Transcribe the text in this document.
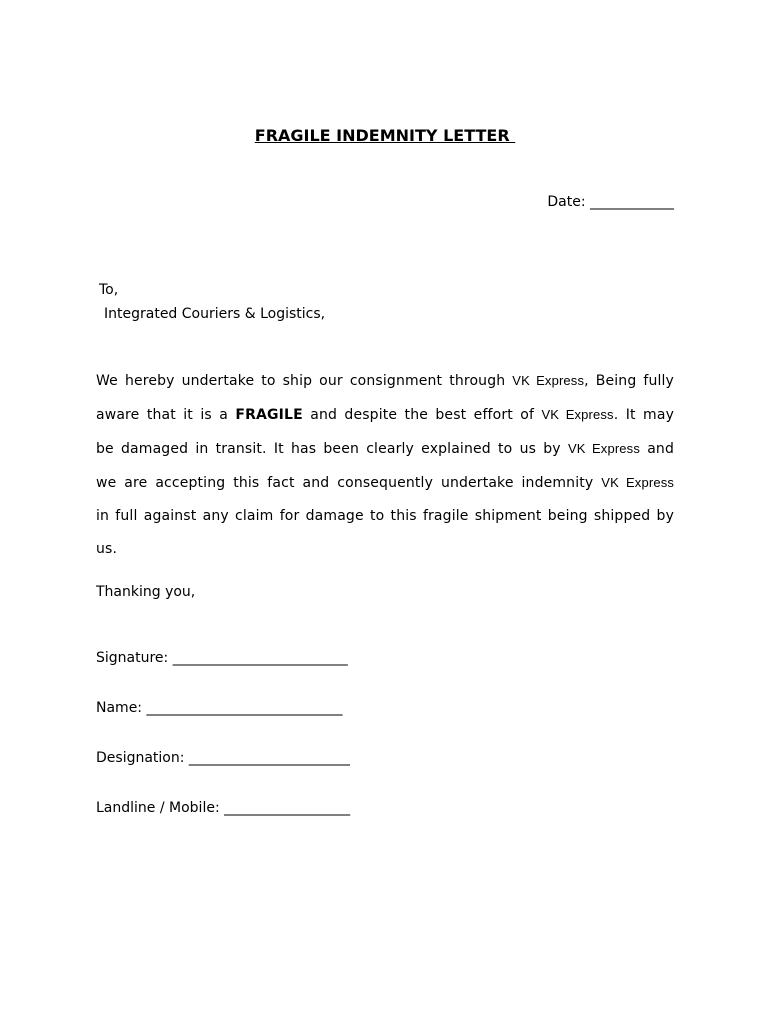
FRAGILE INDEMNITY LETTER
Date: ____________
To,
Integrated Couriers & Logistics,
We hereby undertake to ship our consignment through VK Express, Being fully aware that it is a FRAGILE and despite the best effort of VK Express. It may be damaged in transit. It has been clearly explained to us by VK Express and we are accepting this fact and consequently undertake indemnity VK Express in full against any claim for damage to this fragile shipment being shipped by us.
Thanking you,
Signature: _________________________
Name: ____________________________
Designation: _______________________
Landline / Mobile: __________________
